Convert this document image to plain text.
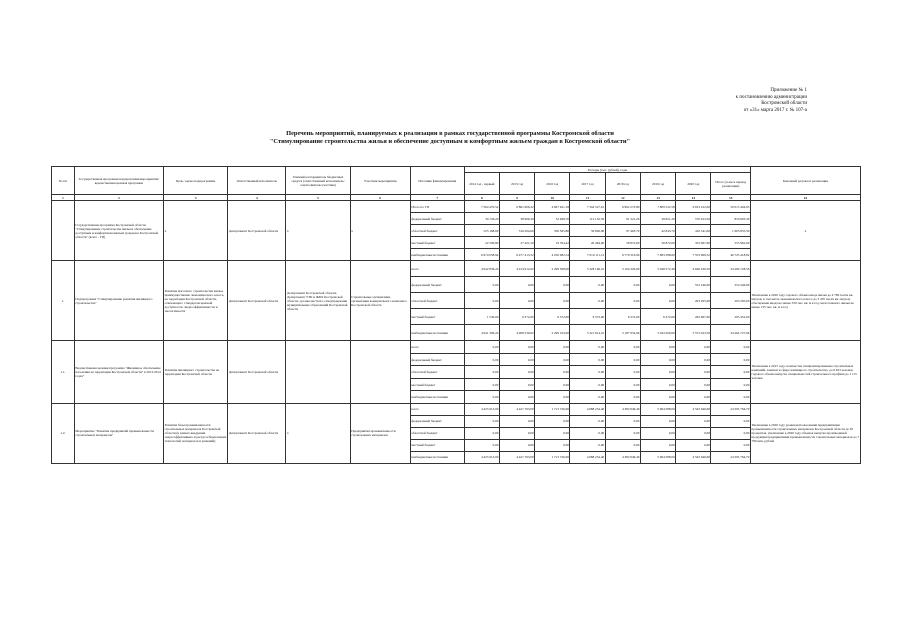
Приложение № 1
к постановлению администрации
Костромской области
от «31» марта 2017 г. № 107-а
Перечень мероприятий, планируемых к реализации в рамках государственной программы Костромской области
"Стимулирование строительства жилья и обеспечение доступным и комфортным жильем граждан в Костромской области"
№ п/п	Государственная программа/подпрограмма/мероприятие/ведомственная целевая программа	Цель, задача подпрограммы	Ответственный исполнитель	Главный распорядитель бюджетных средств (ответственный исполнитель/соисполнитель/участник)	Участник мероприятия	Источник финансирования	Расходы (тыс. рублей), годы								Конечный результат реализации
							2014 год - первый	2015 год	2016 год	2017 год	2018 год	2019 год	2020 год	Итого (за весь период реализации)	
1	2	3	4	5	6	7	8	9	10	11	12	13	14	15	16
	Государственная программа Костромской области "Стимулирование строительства жилья и обеспечение доступным и комфортным жильем граждан в Костромской области" (всего - ГП)	х	Департамент Костромской области	х	х	Итого по ГП	7 564 470,54	6 861 906,22	4 667 621,18	7 344 527,61	6 992 272,80	7 809 522,58	6 633 222,00	50 015 404,93	х
						федеральный бюджет	34 726,20	38 966,30	52 498,70	112 132,50	61 321,20	39 821,20	570 423,20	850 693,30	
						областной бюджет	525 168,60	316 204,60	356 565,80	59 826,00	97 463,70	42 843,70	416 541,00	1 665 855,30	
						местный бюджет	22 500,80	27 421,50	19 764,42	20 464,00	56 872,00	56 872,00	352 067,00	555 962,90	
						внебюджетные источники	6 974 058,94	6 477 413,52	4 250 082,54	7 010 111,12	6 776 316,90	7 683 288,60	7 553 969,52	46 723 418,82	
1.	Подпрограмма "Стимулирование развития жилищного строительства"	Развитие массового строительства жилья, преимущественно экономического класса, на территории Костромской области, отвечающего стандартам ценовой доступности, энергоэффективности и экологичности	Департамент Костромской области	Департамент Костромской области, Департамент ТЭК и ЖКХ Костромской области, органы местного самоуправления муниципальных образований Костромской области	Строительные организации, организации коммунального комплекса Костромской области	всего	4 942 836,24	4 914 912,62	2 298 568,00	5 328 166,10	5 194 326,90	5 048 572,40	6 640 436,50	34 269 728,56	Увеличение к 2020 году годового объема ввода жилья до 4 780 тысяч кв. метров, в том числе экономического класса до 3 470 тысяч кв. метров; обеспечение ввода не менее 330 тыс. кв. м в год, малоэтажного жилья не менее 135 тыс. кв. м в год
						федеральный бюджет	0,00	0,00	0,00	0,00	0,00	0,00	552 246,00	552 246,00	
						областной бюджет	0,00	0,00	0,00	0,00	0,00	0,00	203 295,00	203 295,00	
						местный бюджет	1 530,00	6 372,00	6 372,00	6 372,00	6 372,00	6 372,00	262 667,00	295 452,00	
						внебюджетные источники	4 941 306,24	4 908 539,62	2 290 193,00	5 321 814,10	5 187 954,90	5 043 200,00	5 572 023,50	34 264 727,96	
1.1.	Ведомственная целевая программа "Жилищное обеспечение населения на территории Костромской области" в 2013-2014 годах"	Развитие жилищного строительства на территории Костромской области	Департамент Костромской области			всего	0,00	0,00	0,00	0,00	0,00	0,00	0,00	0,00	Увеличение к 2015 году: количества специализированных строительных компаний, занятых в сфере жилищного строительства, до 6 623 человек, годового объема выпуска специальностей строительного профиля до 1 115 человек
						федеральный бюджет	0,00	0,00	0,00	0,00	0,00	0,00	0,00	0,00	
						областной бюджет	0,00	0,00	0,00	0,00	0,00	0,00	0,00	0,00	
						местный бюджет	0,00	0,00	0,00	0,00	0,00	0,00	0,00	0,00	
						внебюджетные источники	0,00	0,00	0,00	0,00	0,00	0,00	0,00	0,00	
1.2.	Мероприятие "Развитие предприятий промышленности строительных материалов"	Развитие базы промышленности строительных материалов Костромской области (в рамках внедрения энергоэффективных и ресурсосберегающих технологий, материалов и решений)	Департамент Костромской области	х	Предприятия промышленности строительных материалов	всего	4 425 913,00	4 421 763,00	1 713 726,00	4 688 254,40	4 382 649,40	5 064 588,00	4 545 646,00	24 595 764,70	Увеличение к 2020 году уровня использования предприятиями промышленности строительных материалов Костромской области до 65 процентов, увеличение к 2020 году объемов выпуска производимой продукции предприятиями промышленности строительных материалов до 7 780 млн. рублей
						федеральный бюджет	0,00	0,00	0,00	0,00	0,00	0,00	0,00	0,00	
						областной бюджет	0,00	0,00	0,00	0,00	0,00	0,00	0,00	0,00	
						местный бюджет	0,00	0,00	0,00	0,00	0,00	0,00	0,00	0,00	
						внебюджетные источники	4 425 913,00	4 421 763,00	1 713 726,00	4 688 254,40	4 382 649,40	5 064 588,00	4 545 646,00	24 595 764,70	
